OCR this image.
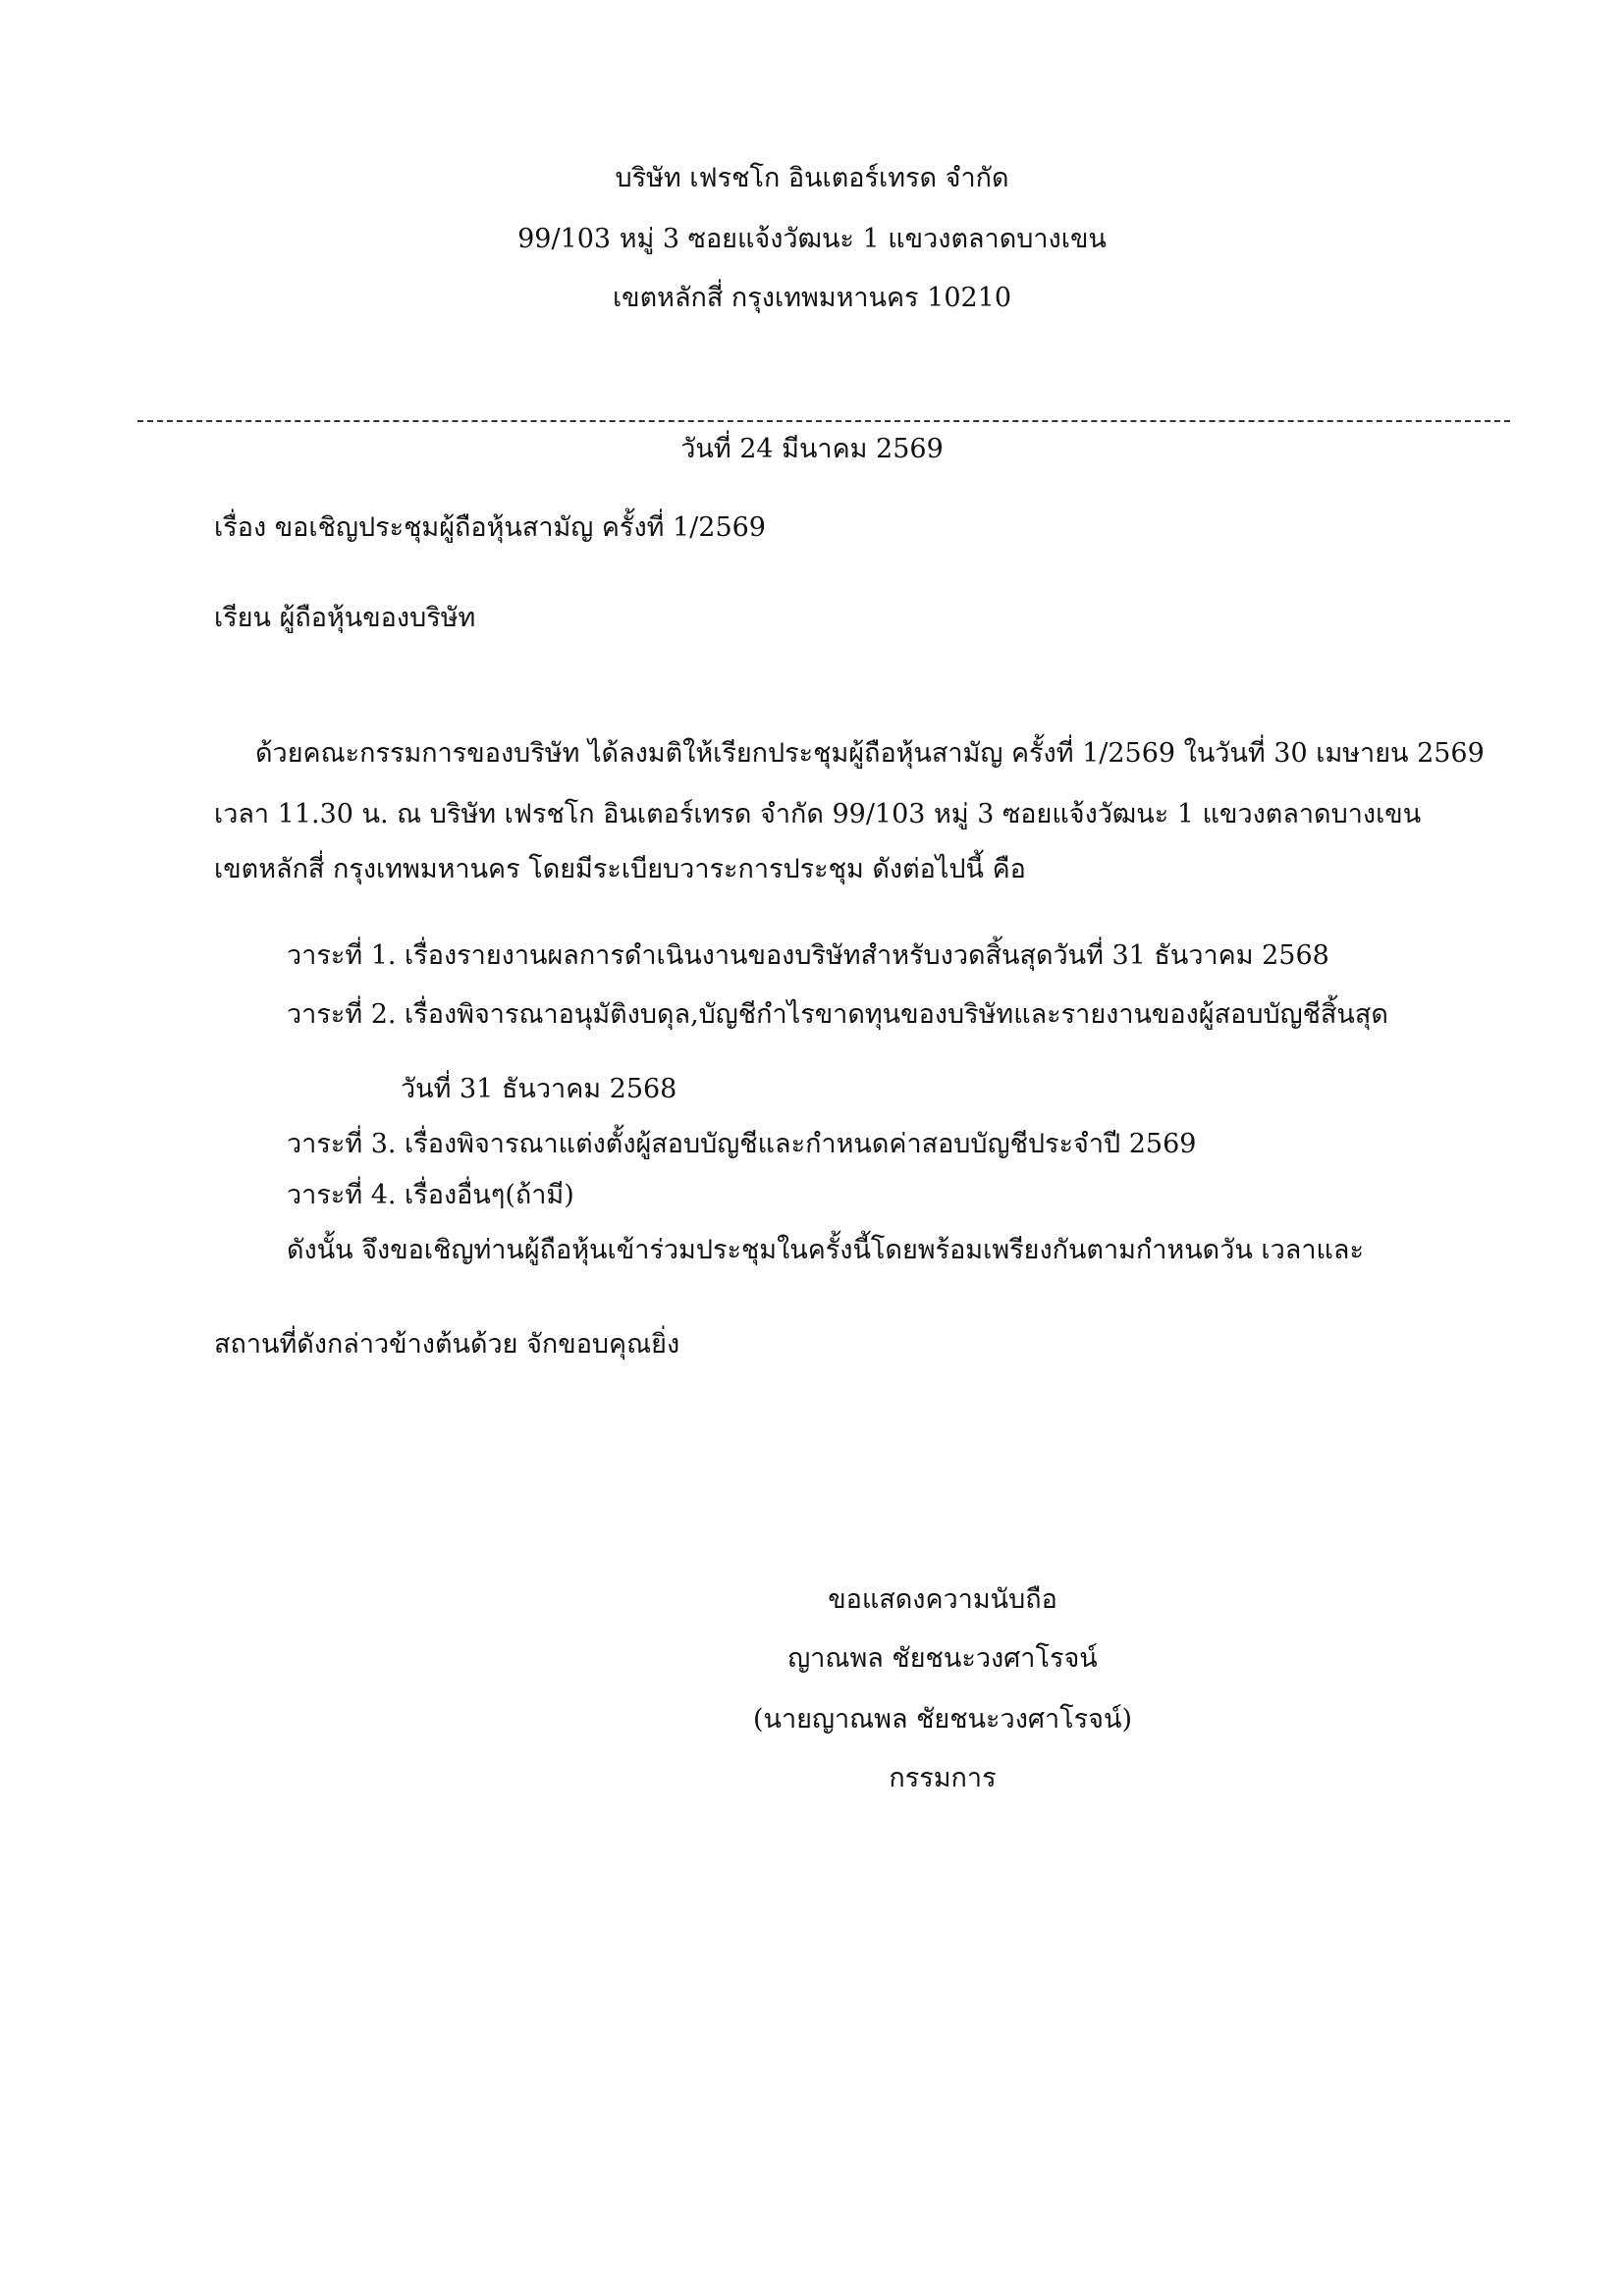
บริษัท เฟรชโก อินเตอร์เทรด จำกัด
99/103 หมู่ 3 ซอยแจ้งวัฒนะ 1 แขวงตลาดบางเขน
เขตหลักสี่ กรุงเทพมหานคร 10210
วันที่ 24 มีนาคม 2569
เรื่อง ขอเชิญประชุมผู้ถือหุ้นสามัญ ครั้งที่ 1/2569
เรียน ผู้ถือหุ้นของบริษัท
ด้วยคณะกรรมการของบริษัท ได้ลงมติให้เรียกประชุมผู้ถือหุ้นสามัญ ครั้งที่ 1/2569 ในวันที่ 30 เมษายน 2569
เวลา 11.30 น. ณ บริษัท เฟรชโก อินเตอร์เทรด จำกัด 99/103 หมู่ 3 ซอยแจ้งวัฒนะ 1 แขวงตลาดบางเขน
เขตหลักสี่ กรุงเทพมหานคร โดยมีระเบียบวาระการประชุม ดังต่อไปนี้ คือ
วาระที่ 1. เรื่องรายงานผลการดำเนินงานของบริษัทสำหรับงวดสิ้นสุดวันที่ 31 ธันวาคม 2568
วาระที่ 2. เรื่องพิจารณาอนุมัติงบดุล,บัญชีกำไรขาดทุนของบริษัทและรายงานของผู้สอบบัญชีสิ้นสุด
วันที่ 31 ธันวาคม 2568
วาระที่ 3. เรื่องพิจารณาแต่งตั้งผู้สอบบัญชีและกำหนดค่าสอบบัญชีประจำปี 2569
วาระที่ 4. เรื่องอื่นๆ(ถ้ามี)
ดังนั้น จึงขอเชิญท่านผู้ถือหุ้นเข้าร่วมประชุมในครั้งนี้โดยพร้อมเพรียงกันตามกำหนดวัน เวลาและ
สถานที่ดังกล่าวข้างต้นด้วย จักขอบคุณยิ่ง
ขอแสดงความนับถือ
ญาณพล ชัยชนะวงศาโรจน์
(นายญาณพล ชัยชนะวงศาโรจน์)
กรรมการ
